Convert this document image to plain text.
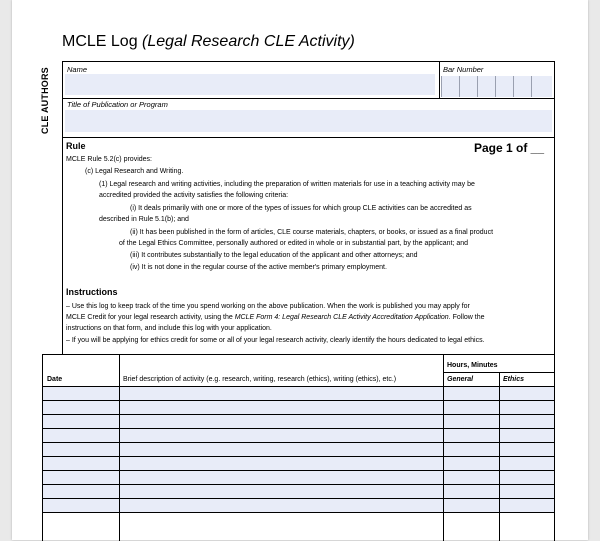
MCLE Log (Legal Research CLE Activity)
CLE AUTHORS Name	Bar Number
Title of Publication or Program
Rule	Page 1 of __
MCLE Rule 5.2(c) provides:
(c) Legal Research and Writing.
(1) Legal research and writing activities, including the preparation of written materials for use in a teaching activity may be
accredited provided the activity satisfies the following criteria:
(i) It deals primarily with one or more of the types of issues for which group CLE activities can be accredited as
described in Rule 5.1(b); and
(ii) It has been published in the form of articles, CLE course materials, chapters, or books, or issued as a final product
of the Legal Ethics Committee, personally authored or edited in whole or in substantial part, by the applicant; and
(iii) It contributes substantially to the legal education of the applicant and other attorneys; and
(iv) It is not done in the regular course of the active member's primary employment.
Instructions
– Use this log to keep track of the time you spend working on the above publication. When the work is published you may apply for
MCLE Credit for your legal research activity, using the MCLE Form 4: Legal Research CLE Activity Accreditation Application. Follow the
instructions on that form, and include this log with your application.
– If you will be applying for ethics credit for some or all of your legal research activity, clearly identify the hours dedicated to legal ethics.
Hours, Minutes
Date	Brief description of activity (e.g. research, writing, research (ethics), writing (ethics), etc.)	General	Ethics
